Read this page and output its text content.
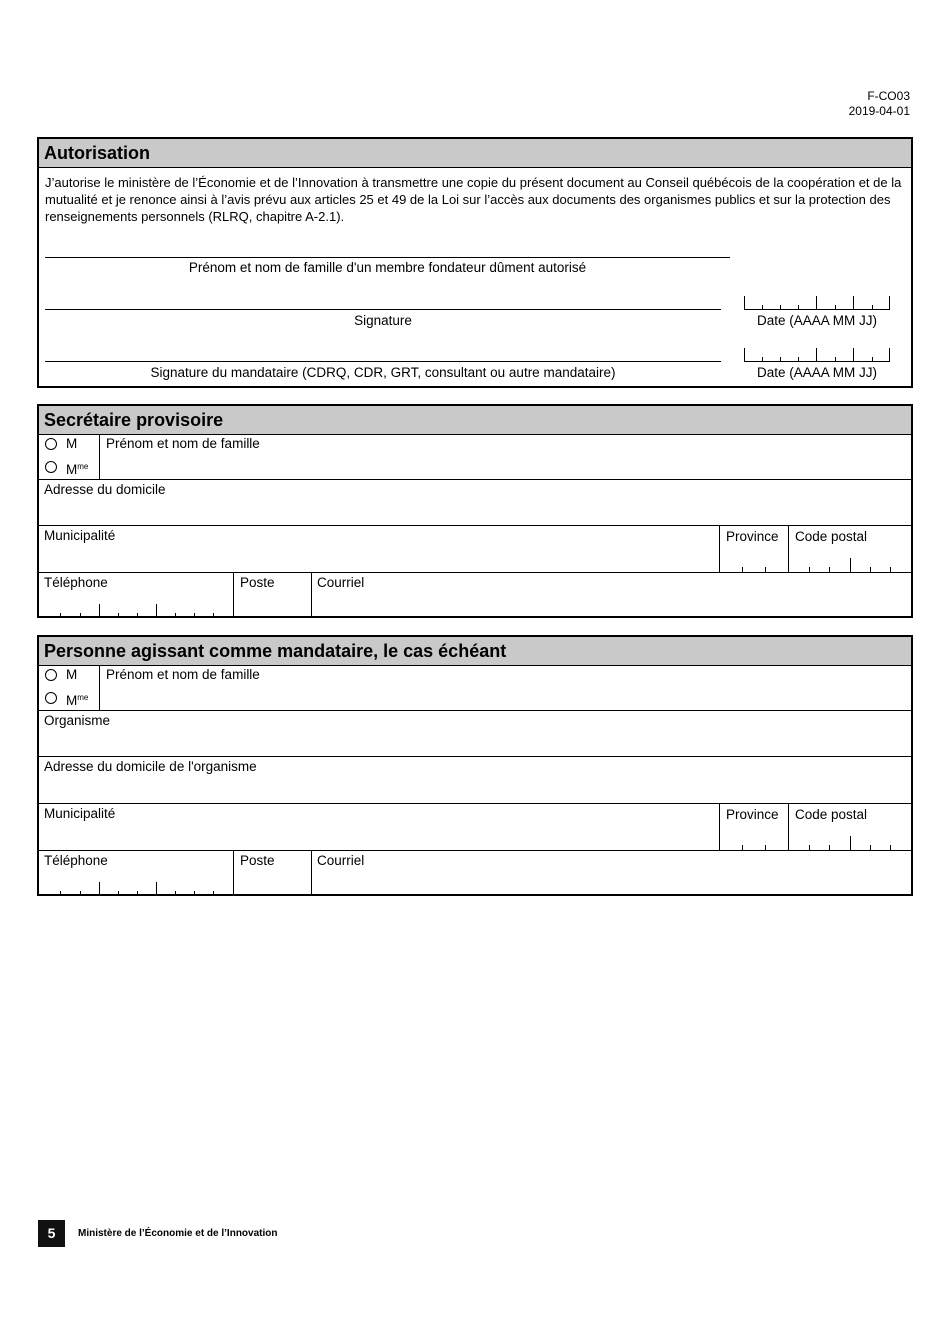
F-CO03
2019-04-01
Autorisation
J’autorise le ministère de l’Économie et de l’Innovation à transmettre une copie du présent document au Conseil québécois de la coopération et de la mutualité et je renonce ainsi à l’avis prévu aux articles 25 et 49 de la Loi sur l’accès aux documents des organismes publics et sur la protection des renseignements personnels (RLRQ, chapitre A-2.1).
Prénom et nom de famille d'un membre fondateur dûment autorisé
Signature	Date (AAAA MM JJ)
Signature du mandataire (CDRQ, CDR, GRT, consultant ou autre mandataire)	Date (AAAA MM JJ)
Secrétaire provisoire
M
$M^{me}$
Prénom et nom de famille
Adresse du domicile
Municipalité	Province Code postal
Téléphone	Poste	Courriel
Personne agissant comme mandataire, le cas échéant
M
$M^{me}$
Prénom et nom de famille
Organisme
Adresse du domicile de l'organisme
Municipalité	Province Code postal
Téléphone	Poste	Courriel
5	Ministère de l’Économie et de l’Innovation
